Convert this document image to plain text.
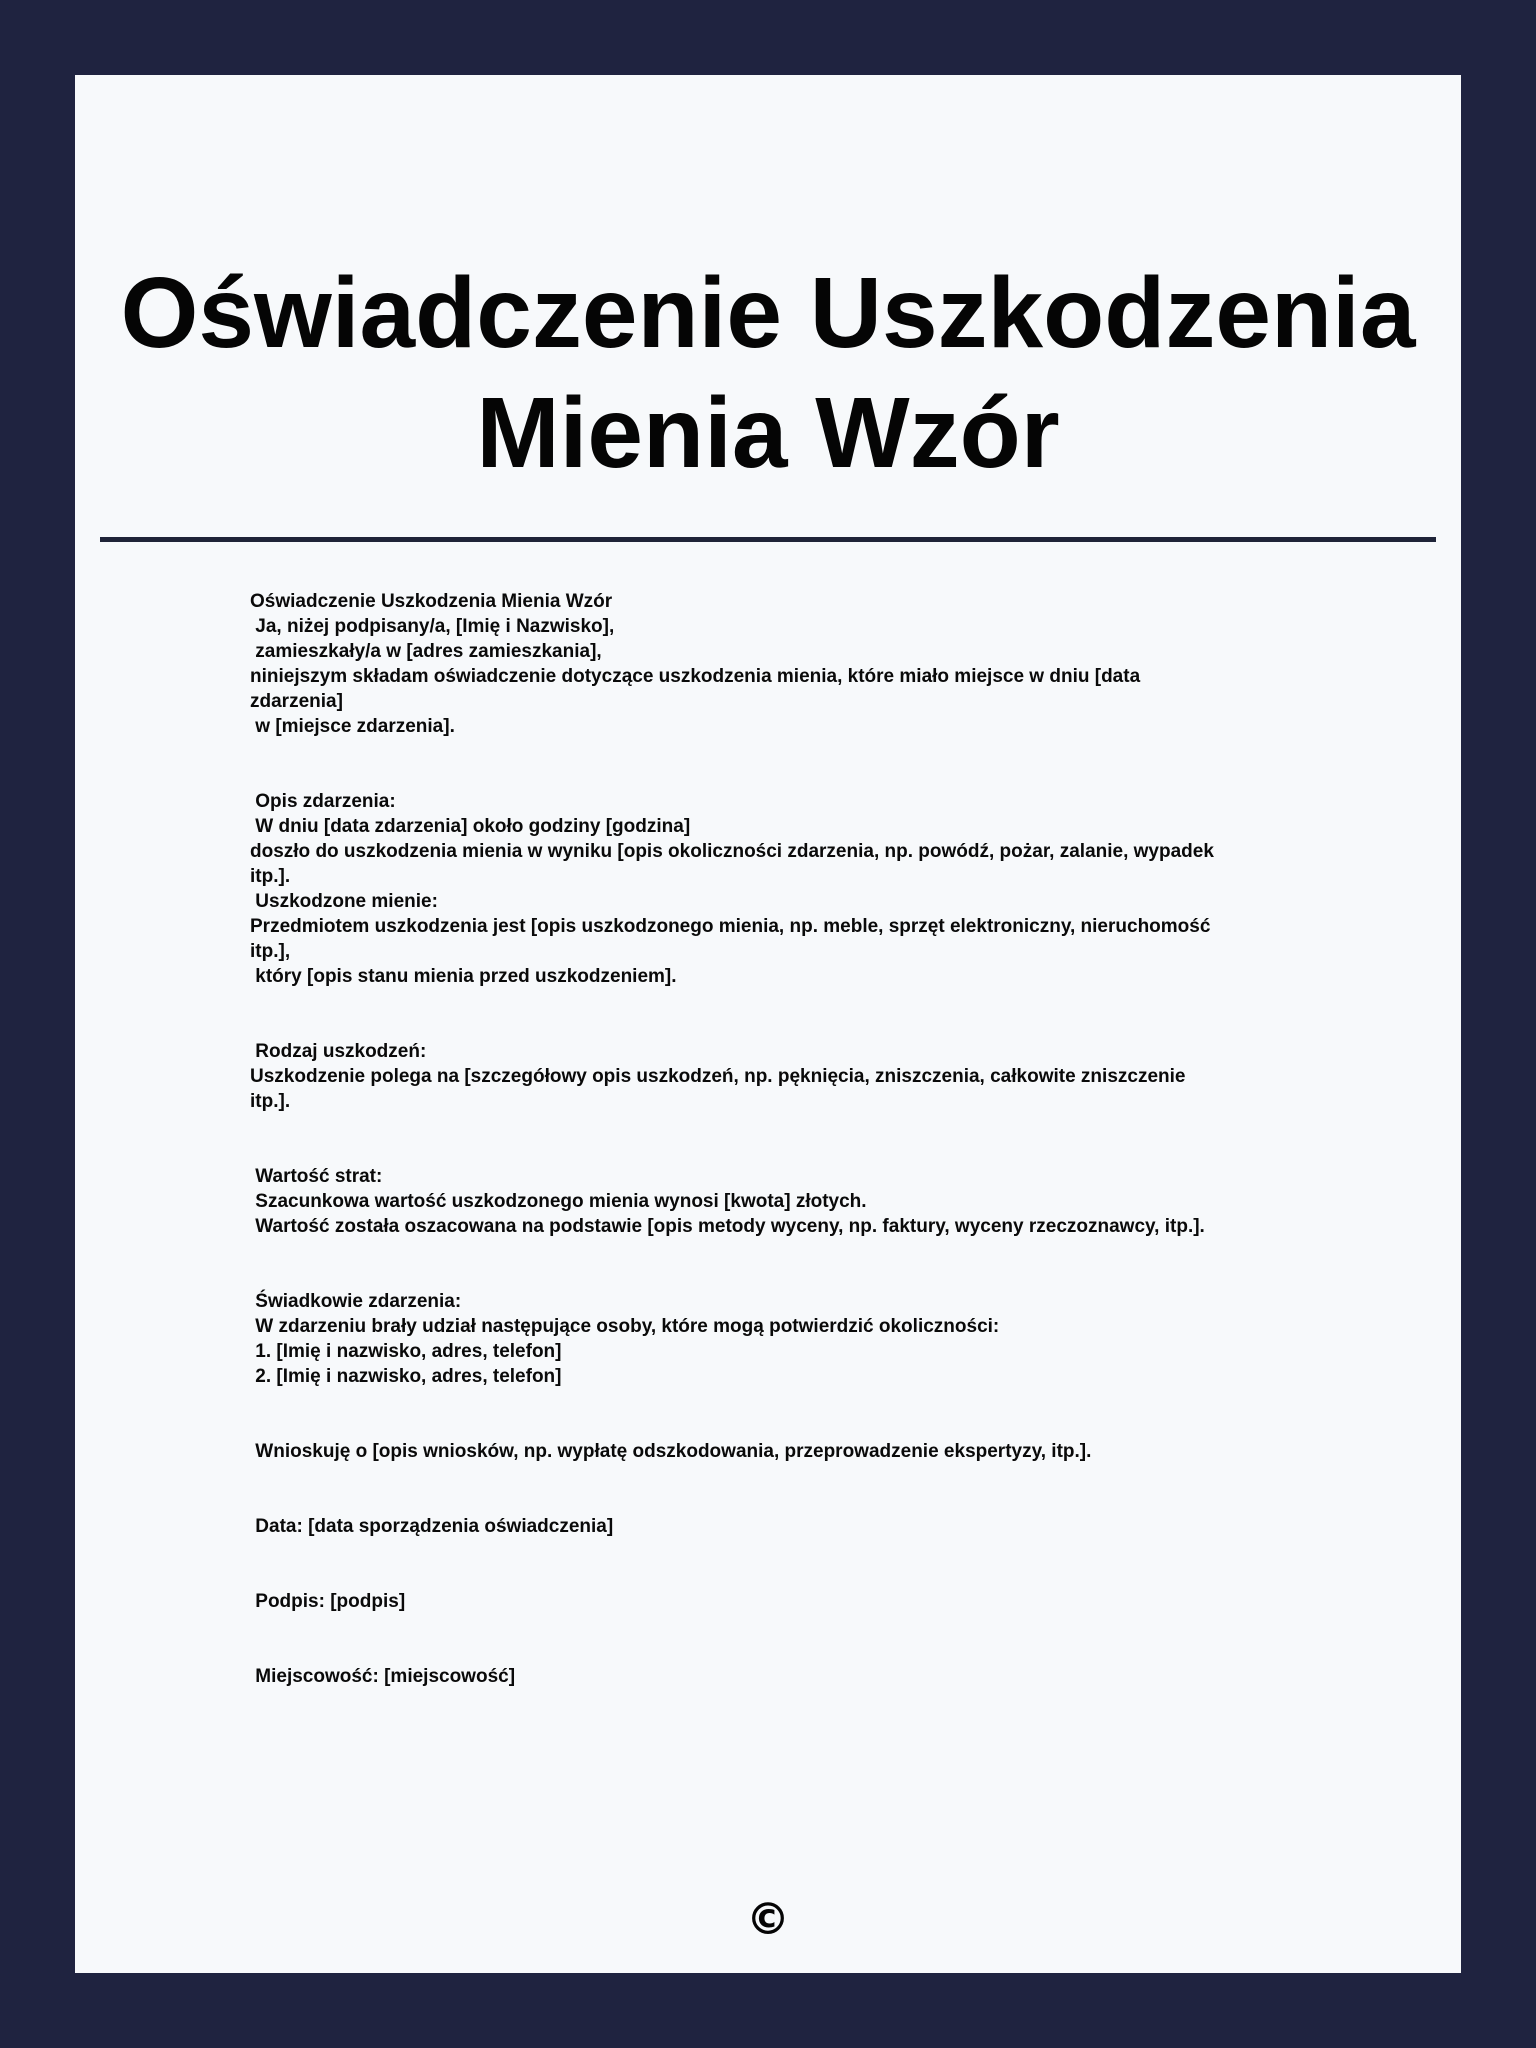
Oświadczenie Uszkodzenia
Mienia Wzór
Oświadczenie Uszkodzenia Mienia Wzór
Ja, niżej podpisany/a, [Imię i Nazwisko],
zamieszkały/a w [adres zamieszkania],
niniejszym składam oświadczenie dotyczące uszkodzenia mienia, które miało miejsce w dniu [data
zdarzenia]
w [miejsce zdarzenia].
Opis zdarzenia:
W dniu [data zdarzenia] około godziny [godzina]
doszło do uszkodzenia mienia w wyniku [opis okoliczności zdarzenia, np. powódź, pożar, zalanie, wypadek
itp.].
Uszkodzone mienie:
Przedmiotem uszkodzenia jest [opis uszkodzonego mienia, np. meble, sprzęt elektroniczny, nieruchomość
itp.],
który [opis stanu mienia przed uszkodzeniem].
Rodzaj uszkodzeń:
Uszkodzenie polega na [szczegółowy opis uszkodzeń, np. pęknięcia, zniszczenia, całkowite zniszczenie
itp.].
Wartość strat:
Szacunkowa wartość uszkodzonego mienia wynosi [kwota] złotych.
Wartość została oszacowana na podstawie [opis metody wyceny, np. faktury, wyceny rzeczoznawcy, itp.].
Świadkowie zdarzenia:
W zdarzeniu brały udział następujące osoby, które mogą potwierdzić okoliczności:
1. [Imię i nazwisko, adres, telefon]
2. [Imię i nazwisko, adres, telefon]
Wnioskuję o [opis wniosków, np. wypłatę odszkodowania, przeprowadzenie ekspertyzy, itp.].
Data: [data sporządzenia oświadczenia]
Podpis: [podpis]
Miejscowość: [miejscowość]
©
